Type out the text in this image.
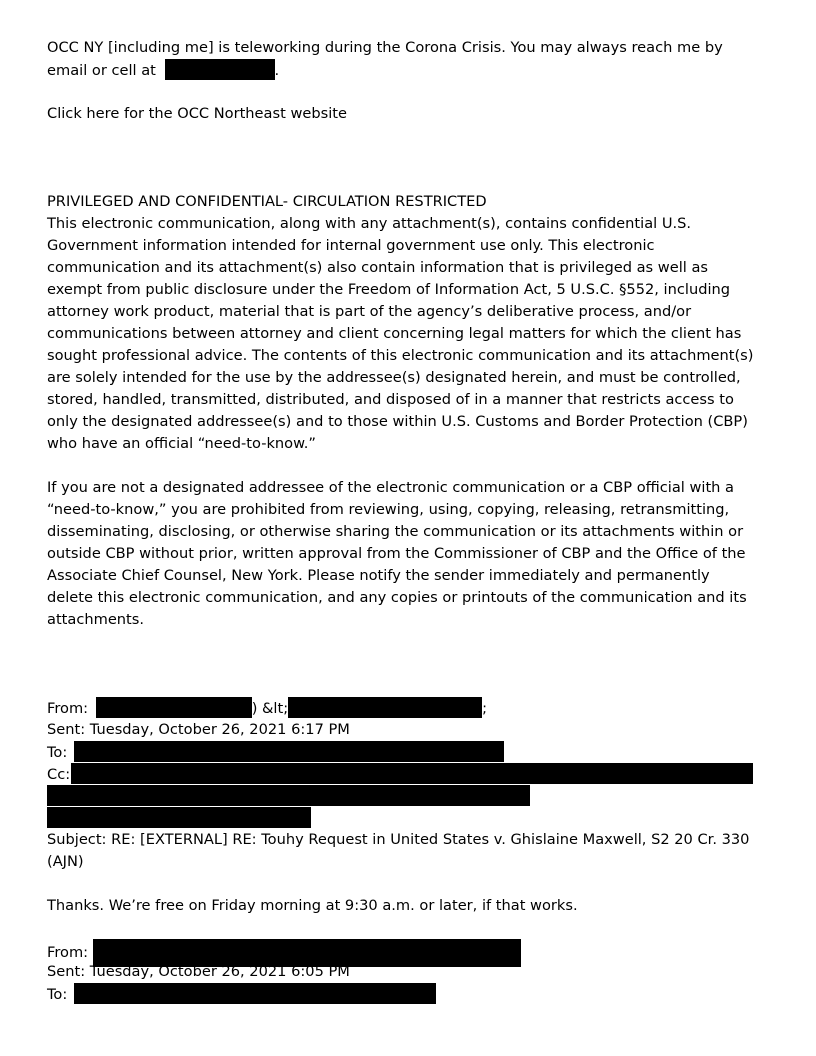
OCC NY [including me] is teleworking during the Corona Crisis. You may always reach me by
email or cell at	.
Click here for the OCC Northeast website
PRIVILEGED AND CONFIDENTIAL- CIRCULATION RESTRICTED

This electronic communication, along with any attachment(s), contains confidential U.S.

Government information intended for internal government use only. This electronic

communication and its attachment(s) also contain information that is privileged as well as

exempt from public disclosure under the Freedom of Information Act, 5 U.S.C. §552, including

attorney work product, material that is part of the agency’s deliberative process, and/or

communications between attorney and client concerning legal matters for which the client has

sought professional advice. The contents of this electronic communication and its attachment(s)

are solely intended for the use by the addressee(s) designated herein, and must be controlled,

stored, handled, transmitted, distributed, and disposed of in a manner that restricts access to

only the designated addressee(s) and to those within U.S. Customs and Border Protection (CBP)

who have an official “need-to-know.”

If you are not a designated addressee of the electronic communication or a CBP official with a

“need-to-know,” you are prohibited from reviewing, using, copying, releasing, retransmitting,

disseminating, disclosing, or otherwise sharing the communication or its attachments within or

outside CBP without prior, written approval from the Commissioner of CBP and the Office of the

Associate Chief Counsel, New York. Please notify the sender immediately and permanently

delete this electronic communication, and any copies or printouts of the communication and its

attachments.

From:	) &lt;	;
Sent: Tuesday, October 26, 2021 6:17 PM
To:
Cc:
Subject: RE: [EXTERNAL] RE: Touhy Request in United States v. Ghislaine Maxwell, S2 20 Cr. 330
(AJN)
Thanks. We’re free on Friday morning at 9:30 a.m. or later, if that works.
From:
Sent: Tuesday, October 26, 2021 6:05 PM
To:
